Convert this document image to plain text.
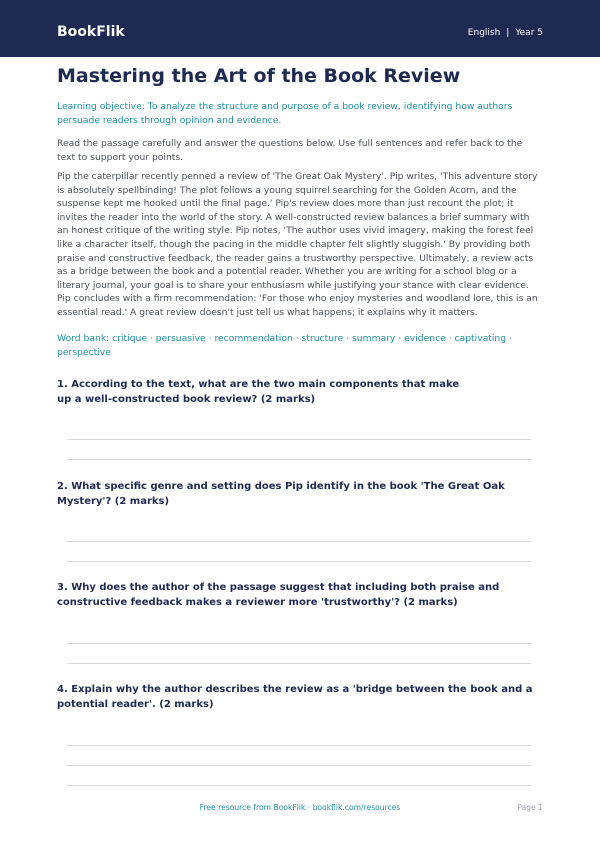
BookFlik	English | Year 5
Mastering the Art of the Book Review
Learning objective: To analyze the structure and purpose of a book review, identifying how authors persuade readers through opinion and evidence.
Read the passage carefully and answer the questions below. Use full sentences and refer back to the text to support your points.
Pip the caterpillar recently penned a review of 'The Great Oak Mystery'. Pip writes, 'This adventure story is absolutely spellbinding! The plot follows a young squirrel searching for the Golden Acorn, and the suspense kept me hooked until the final page.' Pip's review does more than just recount the plot; it invites the reader into the world of the story. A well-constructed review balances a brief summary with an honest critique of the writing style. Pip notes, 'The author uses vivid imagery, making the forest feel like a character itself, though the pacing in the middle chapter felt slightly sluggish.' By providing both praise and constructive feedback, the reader gains a trustworthy perspective. Ultimately, a review acts as a bridge between the book and a potential reader. Whether you are writing for a school blog or a literary journal, your goal is to share your enthusiasm while justifying your stance with clear evidence. Pip concludes with a firm recommendation: 'For those who enjoy mysteries and woodland lore, this is an essential read.' A great review doesn't just tell us what happens; it explains why it matters.
Word bank: critique · persuasive · recommendation · structure · summary · evidence · captivating · perspective
1. According to the text, what are the two main components that make up a well-constructed book review? (2 marks)
2. What specific genre and setting does Pip identify in the book 'The Great Oak Mystery'? (2 marks)
3. Why does the author of the passage suggest that including both praise and constructive feedback makes a reviewer more 'trustworthy'? (2 marks)
4. Explain why the author describes the review as a 'bridge between the book and a potential reader'. (2 marks)
Free resource from BookFlik · bookflik.com/resources	Page 1
